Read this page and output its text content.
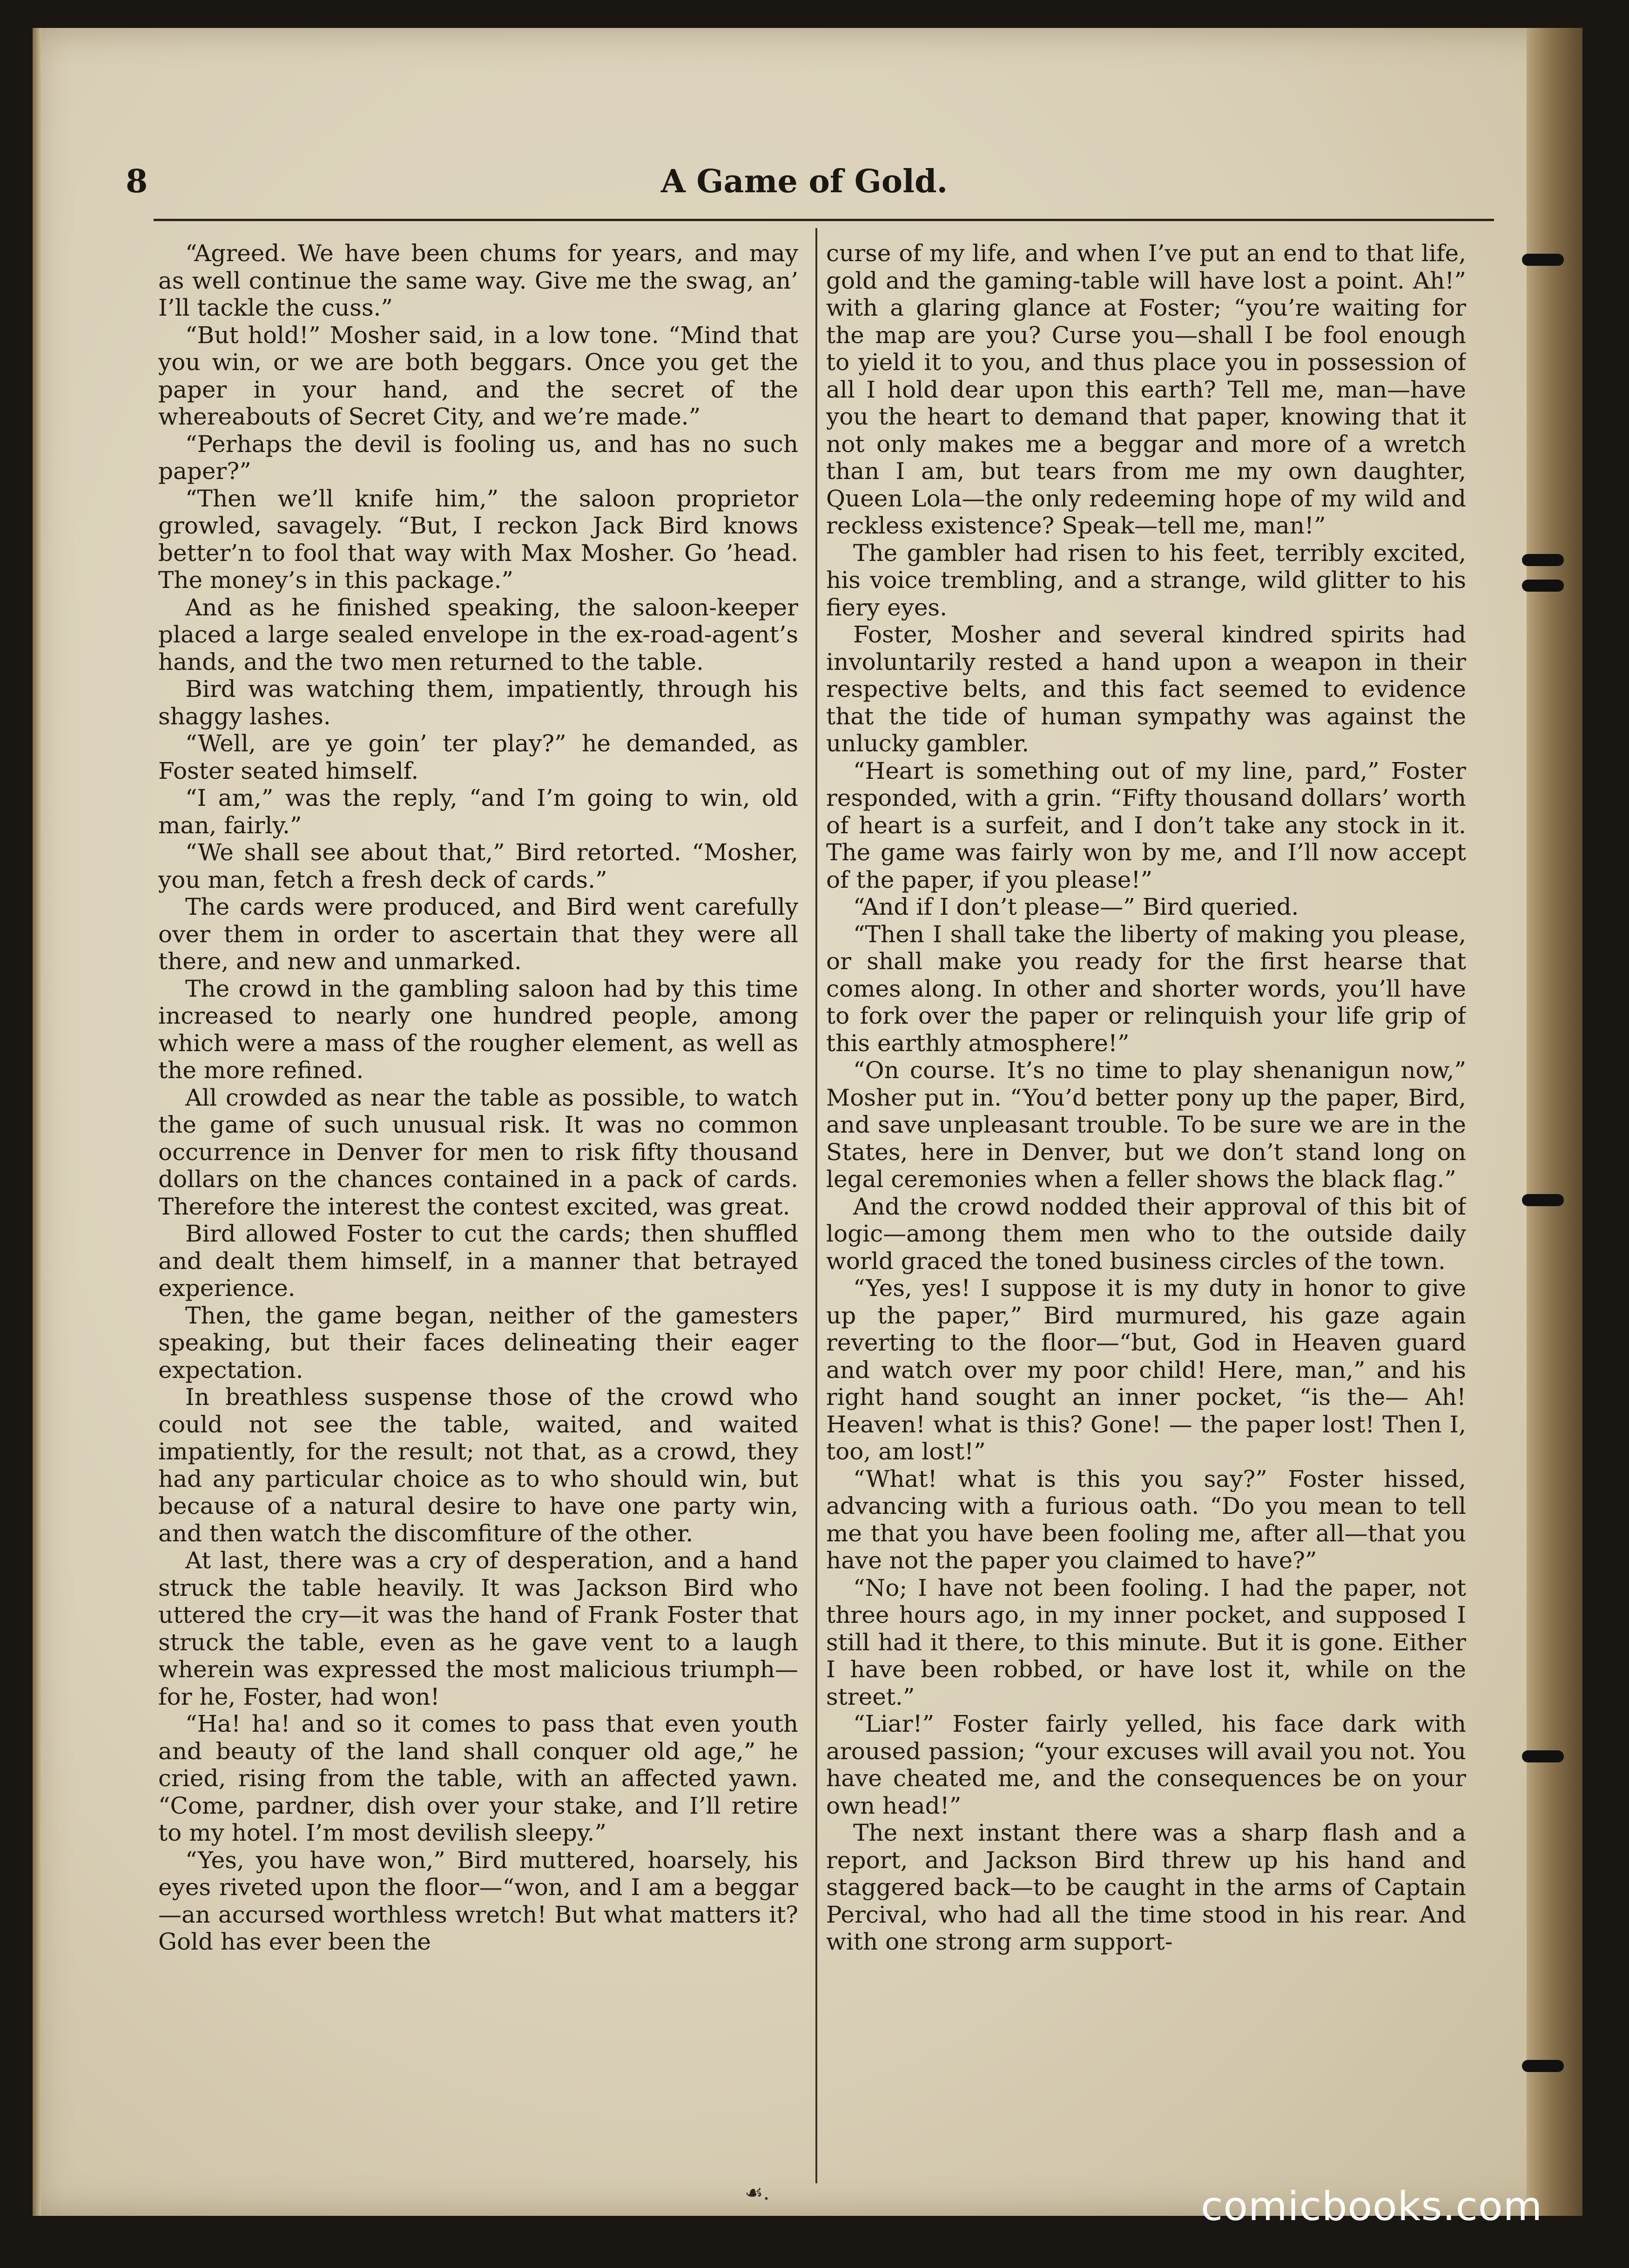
8	A Game of Gold.

“Agreed. We have been chums for years, and may as well continue the same way. Give me the swag, an’ I’ll tackle the cuss.”

“But hold!” Mosher said, in a low tone. “Mind that you win, or we are both beggars. Once you get the paper in your hand, and the secret of the whereabouts of Secret City, and we’re made.”

“Perhaps the devil is fooling us, and has no such paper?”

“Then we’ll knife him,” the saloon proprietor growled, savagely. “But, I reckon Jack Bird knows better’n to fool that way with Max Mosher. Go ’head. The money’s in this package.”

And as he finished speaking, the saloon-keeper placed a large sealed envelope in the ex-road-agent’s hands, and the two men returned to the table.

Bird was watching them, impatiently, through his shaggy lashes.

“Well, are ye goin’ ter play?” he demanded, as Foster seated himself.

“I am,” was the reply, “and I’m going to win, old man, fairly.”

“We shall see about that,” Bird retorted. “Mosher, you man, fetch a fresh deck of cards.”

The cards were produced, and Bird went carefully over them in order to ascertain that they were all there, and new and unmarked.

The crowd in the gambling saloon had by this time increased to nearly one hundred people, among which were a mass of the rougher element, as well as the more refined.

All crowded as near the table as possible, to watch the game of such unusual risk. It was no common occurrence in Denver for men to risk fifty thousand dollars on the chances contained in a pack of cards. Therefore the interest the contest excited, was great.

Bird allowed Foster to cut the cards; then shuffled and dealt them himself, in a manner that betrayed experience.

Then, the game began, neither of the gamesters speaking, but their faces delineating their eager expectation.

In breathless suspense those of the crowd who could not see the table, waited, and waited impatiently, for the result; not that, as a crowd, they had any particular choice as to who should win, but because of a natural desire to have one party win, and then watch the discomfiture of the other.

At last, there was a cry of desperation, and a hand struck the table heavily. It was Jackson Bird who uttered the cry—it was the hand of Frank Foster that struck the table, even as he gave vent to a laugh wherein was expressed the most malicious triumph—for he, Foster, had won!

“Ha! ha! and so it comes to pass that even youth and beauty of the land shall conquer old age,” he cried, rising from the table, with an affected yawn. “Come, pardner, dish over your stake, and I’ll retire to my hotel. I’m most devilish sleepy.”

“Yes, you have won,” Bird muttered, hoarsely, his eyes riveted upon the floor—“won, and I am a beggar—an accursed worthless wretch! But what matters it? Gold has ever been the

curse of my life, and when I’ve put an end to that life, gold and the gaming-table will have lost a point. Ah!” with a glaring glance at Foster; “you’re waiting for the map are you? Curse you—shall I be fool enough to yield it to you, and thus place you in possession of all I hold dear upon this earth? Tell me, man—have you the heart to demand that paper, knowing that it not only makes me a beggar and more of a wretch than I am, but tears from me my own daughter, Queen Lola—the only redeeming hope of my wild and reckless existence? Speak—tell me, man!”

The gambler had risen to his feet, terribly excited, his voice trembling, and a strange, wild glitter to his fiery eyes.

Foster, Mosher and several kindred spirits had involuntarily rested a hand upon a weapon in their respective belts, and this fact seemed to evidence that the tide of human sympathy was against the unlucky gambler.

“Heart is something out of my line, pard,” Foster responded, with a grin. “Fifty thousand dollars’ worth of heart is a surfeit, and I don’t take any stock in it. The game was fairly won by me, and I’ll now accept of the paper, if you please!”

“And if I don’t please—” Bird queried.

“Then I shall take the liberty of making you please, or shall make you ready for the first hearse that comes along. In other and shorter words, you’ll have to fork over the paper or relinquish your life grip of this earthly atmosphere!”

“On course. It’s no time to play shenanigun now,” Mosher put in. “You’d better pony up the paper, Bird, and save unpleasant trouble. To be sure we are in the States, here in Denver, but we don’t stand long on legal ceremonies when a feller shows the black flag.”

And the crowd nodded their approval of this bit of logic—among them men who to the outside daily world graced the toned business circles of the town.

“Yes, yes! I suppose it is my duty in honor to give up the paper,” Bird murmured, his gaze again reverting to the floor—“but, God in Heaven guard and watch over my poor child! Here, man,” and his right hand sought an inner pocket, “is the— Ah! Heaven! what is this? Gone! — the paper lost! Then I, too, am lost!”

“What! what is this you say?” Foster hissed, advancing with a furious oath. “Do you mean to tell me that you have been fooling me, after all—that you have not the paper you claimed to have?”

“No; I have not been fooling. I had the paper, not three hours ago, in my inner pocket, and supposed I still had it there, to this minute. But it is gone. Either I have been robbed, or have lost it, while on the street.”

“Liar!” Foster fairly yelled, his face dark with aroused passion; “your excuses will avail you not. You have cheated me, and the consequences be on your own head!”

The next instant there was a sharp flash and a report, and Jackson Bird threw up his hand and staggered back—to be caught in the arms of Captain Percival, who had all the time stood in his rear. And with one strong arm support-

☙.	comicbooks.com
